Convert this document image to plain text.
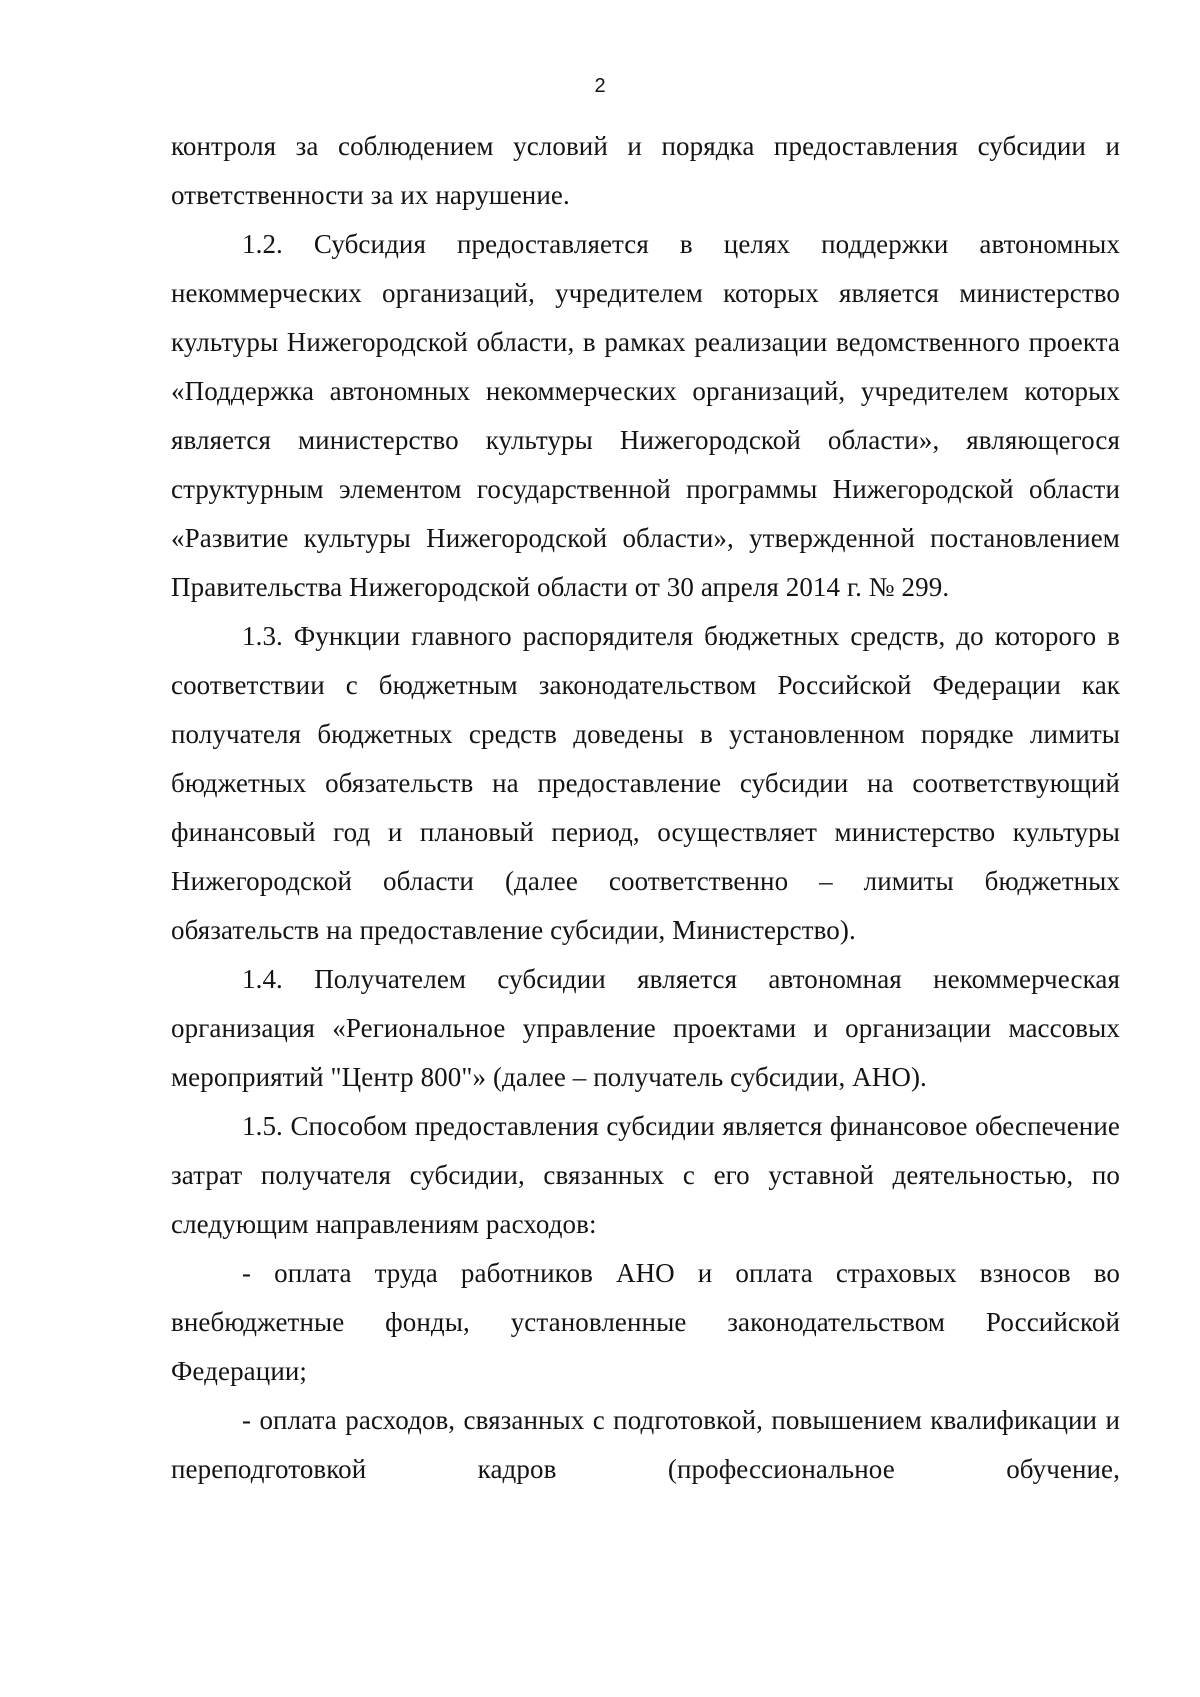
2

контроля за соблюдением условий и порядка предоставления субсидии и ответственности за их нарушение.

1.2. Субсидия предоставляется в целях поддержки автономных некоммерческих организаций, учредителем которых является министерство культуры Нижегородской области, в рамках реализации ведомственного проекта «Поддержка автономных некоммерческих организаций, учредителем которых является министерство культуры Нижегородской области», являющегося структурным элементом государственной программы Нижегородской области «Развитие культуры Нижегородской области», утвержденной постановлением Правительства Нижегородской области от 30 апреля 2014 г. № 299.

1.3. Функции главного распорядителя бюджетных средств, до которого в соответствии с бюджетным законодательством Российской Федерации как получателя бюджетных средств доведены в установленном порядке лимиты бюджетных обязательств на предоставление субсидии на соответствующий финансовый год и плановый период, осуществляет министерство культуры Нижегородской области (далее соответственно – лимиты бюджетных обязательств на предоставление субсидии, Министерство).

1.4. Получателем субсидии является автономная некоммерческая организация «Региональное управление проектами и организации массовых мероприятий "Центр 800"» (далее – получатель субсидии, АНО).

1.5. Способом предоставления субсидии является финансовое обеспечение затрат получателя субсидии, связанных с его уставной деятельностью, по следующим направлениям расходов:

- оплата труда работников АНО и оплата страховых взносов во внебюджетные фонды, установленные законодательством Российской Федерации;

- оплата расходов, связанных с подготовкой, повышением квалификации и переподготовкой кадров (профессиональное обучение,
